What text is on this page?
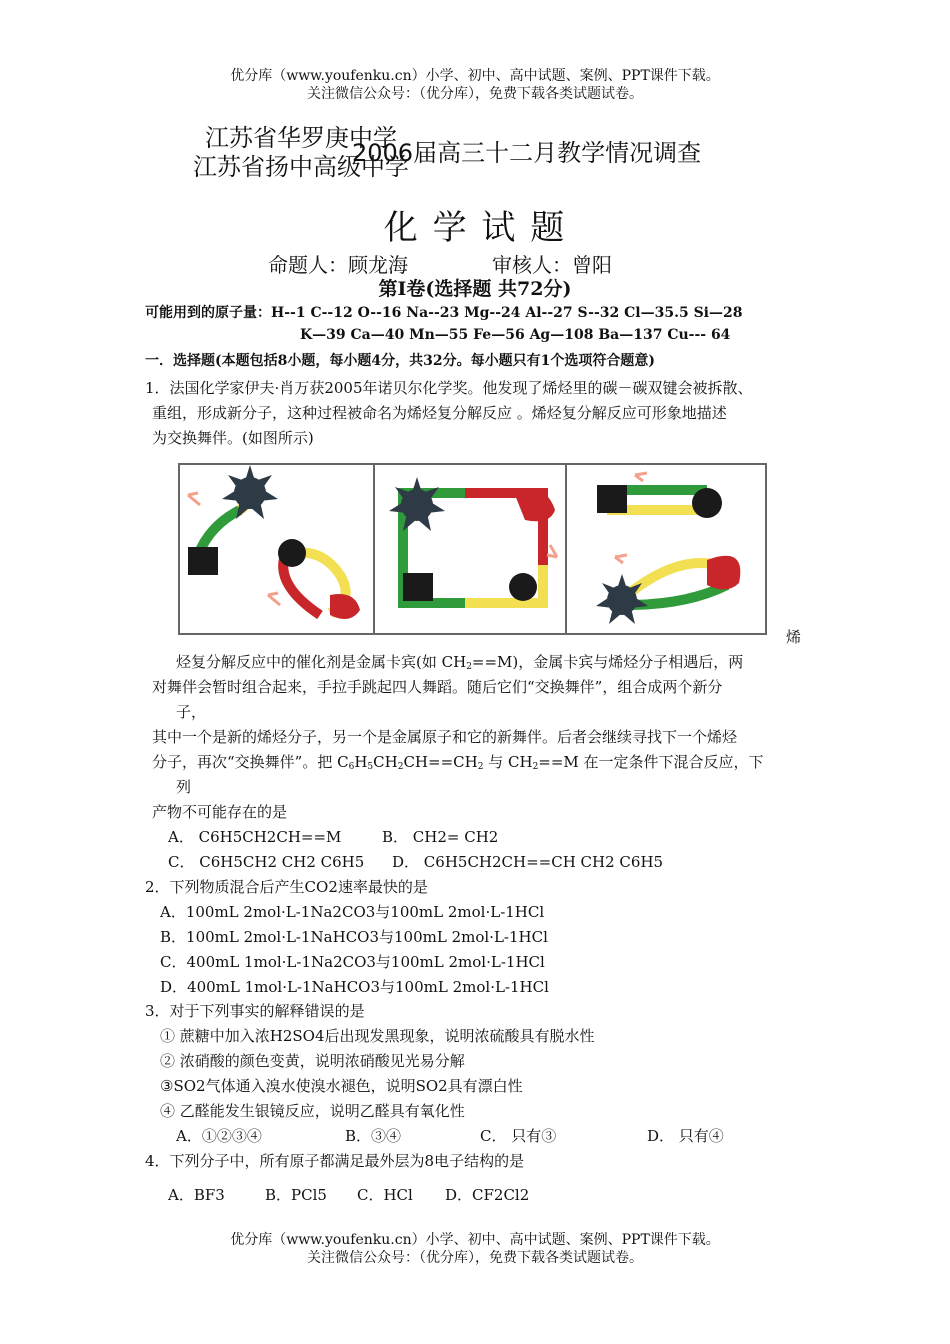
优分库（www.youfenku.cn）小学、初中、高中试题、案例、PPT课件下载。
关注微信公众号：（优分库），免费下载各类试题试卷。
江苏省华罗庚中学
江苏省扬中高级中学
2006届高三十二月教学情况调查
化 学 试 题
命题人：顾龙海	审核人：曾阳
第Ⅰ卷(选择题 共72分)
可能用到的原子量：H--1 C--12 O--16 Na--23 Mg--24 Al--27 S--32 Cl—35.5 Si—28
K—39 Ca—40 Mn—55 Fe—56 Ag—108 Ba—137 Cu--- 64
一．选择题(本题包括8小题，每小题4分，共32分。每小题只有1个选项符合题意)
1．法国化学家伊夫·肖万获2005年诺贝尔化学奖。他发现了烯烃里的碳－碳双键会被拆散、
重组，形成新分子，这种过程被命名为烯烃复分解反应 。烯烃复分解反应可形象地描述
为交换舞伴。(如图所示)
烯
烃复分解反应中的催化剂是金属卡宾(如 $CH_2==M$)，金属卡宾与烯烃分子相遇后，两
对舞伴会暂时组合起来，手拉手跳起四人舞蹈。随后它们“交换舞伴”，组合成两个新分
子，
其中一个是新的烯烃分子，另一个是金属原子和它的新舞伴。后者会继续寻找下一个烯烃
分子，再次“交换舞伴”。把 $C_6H_5CH_2CH==CH_2$ 与 $CH_2==M$ 在一定条件下混合反应，下
列
产物不可能存在的是
A． C6H5CH2CH==M	B． CH2= CH2
C． C6H5CH2 CH2 C6H5 D． C6H5CH2CH==CH CH2 C6H5
2．下列物质混合后产生CO2速率最快的是
A．100mL 2mol·L-1Na2CO3与100mL 2mol·L-1HCl
B．100mL 2mol·L-1NaHCO3与100mL 2mol·L-1HCl
C．400mL 1mol·L-1Na2CO3与100mL 2mol·L-1HCl
D．400mL 1mol·L-1NaHCO3与100mL 2mol·L-1HCl
3．对于下列事实的解释错误的是
① 蔗糖中加入浓H2SO4后出现发黑现象，说明浓硫酸具有脱水性
② 浓硝酸的颜色变黄，说明浓硝酸见光易分解
③SO2气体通入溴水使溴水褪色，说明SO2具有漂白性
④ 乙醛能发生银镜反应，说明乙醛具有氧化性
A．①②③④	B．③④	C． 只有③	D． 只有④
4．下列分子中，所有原子都满足最外层为8电子结构的是
A．BF3	B．PCl5 C．HCl D．CF2Cl2
优分库（www.youfenku.cn）小学、初中、高中试题、案例、PPT课件下载。
关注微信公众号：（优分库），免费下载各类试题试卷。
